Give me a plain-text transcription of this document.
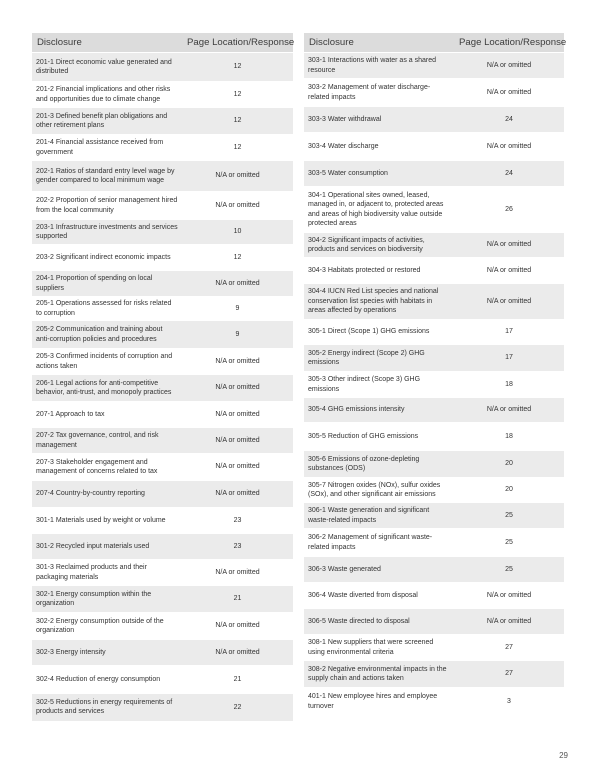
Disclosure	Page Location/Response
201-1 Direct economic value generated and distributed	12
201-2 Financial implications and other risks and opportunities due to climate change	12
201-3 Defined benefit plan obligations and other retirement plans	12
201-4 Financial assistance received from government	12
202-1 Ratios of standard entry level wage by gender compared to local minimum wage	N/A or omitted
202-2 Proportion of senior management hired from the local community	N/A or omitted
203-1 Infrastructure investments and services supported	10
203-2 Significant indirect economic impacts	12
204-1 Proportion of spending on local suppliers	N/A or omitted
205-1 Operations assessed for risks related to corruption	9
205-2 Communication and training about anti-corruption policies and procedures	9
205-3 Confirmed incidents of corruption and actions taken	N/A or omitted
206-1 Legal actions for anti-competitive behavior, anti-trust, and monopoly practices	N/A or omitted
207-1 Approach to tax	N/A or omitted
207-2 Tax governance, control, and risk management	N/A or omitted
207-3 Stakeholder engagement and management of concerns related to tax	N/A or omitted
207-4 Country-by-country reporting	N/A or omitted
301-1 Materials used by weight or volume	23
301-2 Recycled input materials used	23
301-3 Reclaimed products and their packaging materials	N/A or omitted
302-1 Energy consumption within the organization	21
302-2 Energy consumption outside of the organization	N/A or omitted
302-3 Energy intensity	N/A or omitted
302-4 Reduction of energy consumption	21
302-5 Reductions in energy requirements of products and services	22
Disclosure	Page Location/Response
303-1 Interactions with water as a shared resource	N/A or omitted
303-2 Management of water discharge-related impacts	N/A or omitted
303-3 Water withdrawal	24
303-4 Water discharge	N/A or omitted
303-5 Water consumption	24
304-1 Operational sites owned, leased, managed in, or adjacent to, protected areas and areas of high biodiversity value outside protected areas	26
304-2 Significant impacts of activities, products and services on biodiversity	N/A or omitted
304-3 Habitats protected or restored	N/A or omitted
304-4 IUCN Red List species and national conservation list species with habitats in areas affected by operations	N/A or omitted
305-1 Direct (Scope 1) GHG emissions	17
305-2 Energy indirect (Scope 2) GHG emissions	17
305-3 Other indirect (Scope 3) GHG emissions	18
305-4 GHG emissions intensity	N/A or omitted
305-5 Reduction of GHG emissions	18
305-6 Emissions of ozone-depleting substances (ODS)	20
305-7 Nitrogen oxides (NOx), sulfur oxides (SOx), and other significant air emissions	20
306-1 Waste generation and significant waste-related impacts	25
306-2 Management of significant waste-related impacts	25
306-3 Waste generated	25
306-4 Waste diverted from disposal	N/A or omitted
306-5 Waste directed to disposal	N/A or omitted
308-1 New suppliers that were screened using environmental criteria	27
308-2 Negative environmental impacts in the supply chain and actions taken	27
401-1 New employee hires and employee turnover	3
29
